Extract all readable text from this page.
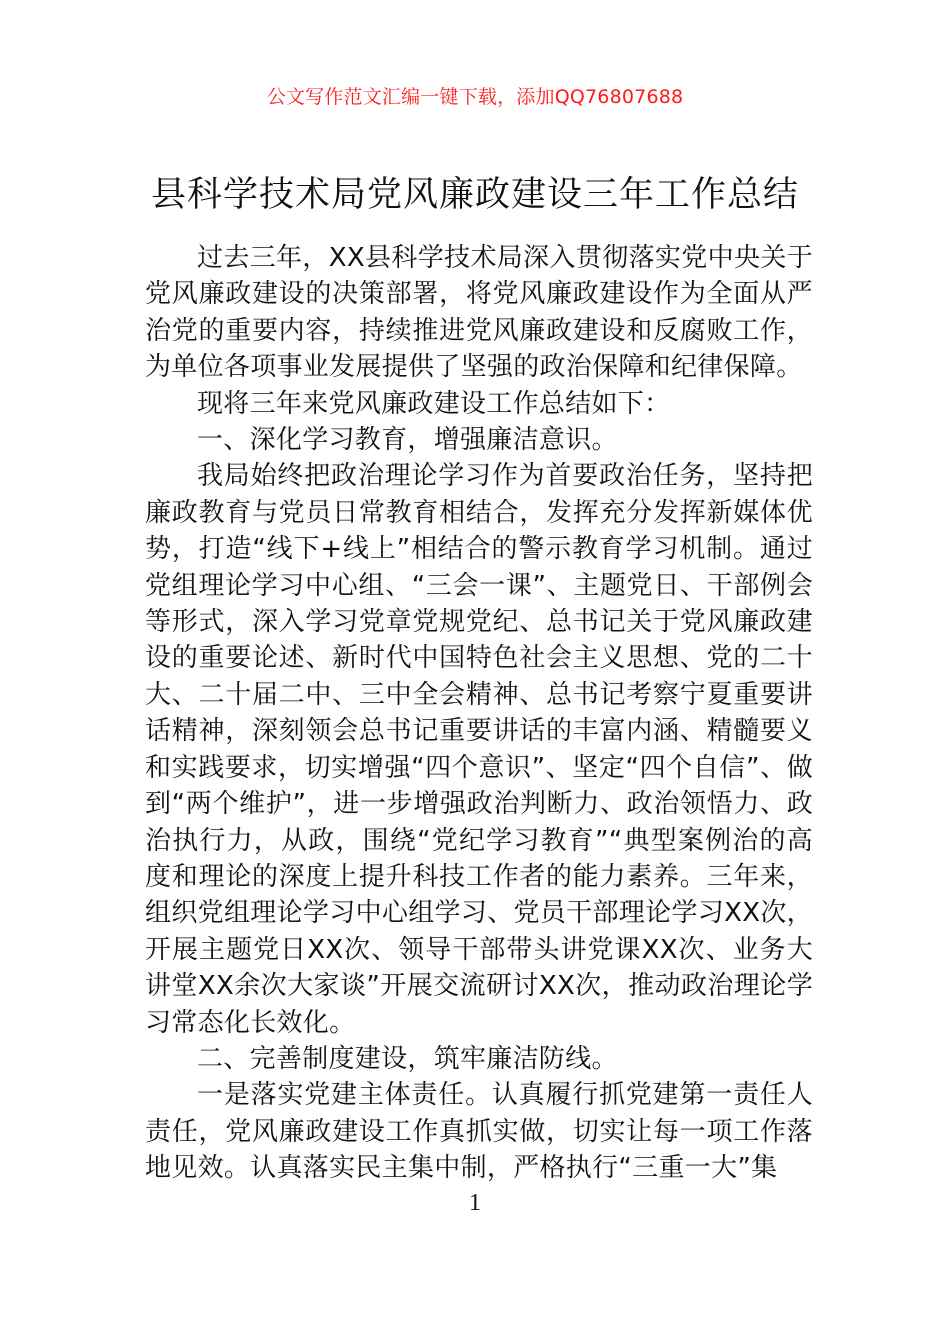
公文写作范文汇编一键下载，添加QQ76807688
县科学技术局党风廉政建设三年工作总结

过去三年，XX县科学技术局深入贯彻落实党中央关于党风廉政建设的决策部署，将党风廉政建设作为全面从严治党的重要内容，持续推进党风廉政建设和反腐败工作，为单位各项事业发展提供了坚强的政治保障和纪律保障。

现将三年来党风廉政建设工作总结如下：

一、深化学习教育，增强廉洁意识。

我局始终把政治理论学习作为首要政治任务，坚持把廉政教育与党员日常教育相结合，发挥充分发挥新媒体优势，打造“线下+线上”相结合的警示教育学习机制。通过党组理论学习中心组、“三会一课”、主题党日、干部例会等形式，深入学习党章党规党纪、总书记关于党风廉政建设的重要论述、新时代中国特色社会主义思想、党的二十大、二十届二中、三中全会精神、总书记考察宁夏重要讲话精神，深刻领会总书记重要讲话的丰富内涵、精髓要义和实践要求，切实增强“四个意识”、坚定“四个自信”、做到“两个维护”，进一步增强政治判断力、政治领悟力、政治执行力，从政，围绕“党纪学习教育”“典型案例治的高度和理论的深度上提升科技工作者的能力素养。三年来，组织党组理论学习中心组学习、党员干部理论学习XX次，开展主题党日XX次、领导干部带头讲党课XX次、业务大讲堂XX余次大家谈”开展交流研讨XX次，推动政治理论学习常态化长效化。

二、完善制度建设，筑牢廉洁防线。

一是落实党建主体责任。认真履行抓党建第一责任人责任，党风廉政建设工作真抓实做，切实让每一项工作落地见效。认真落实民主集中制，严格执行“三重一大”集

1
